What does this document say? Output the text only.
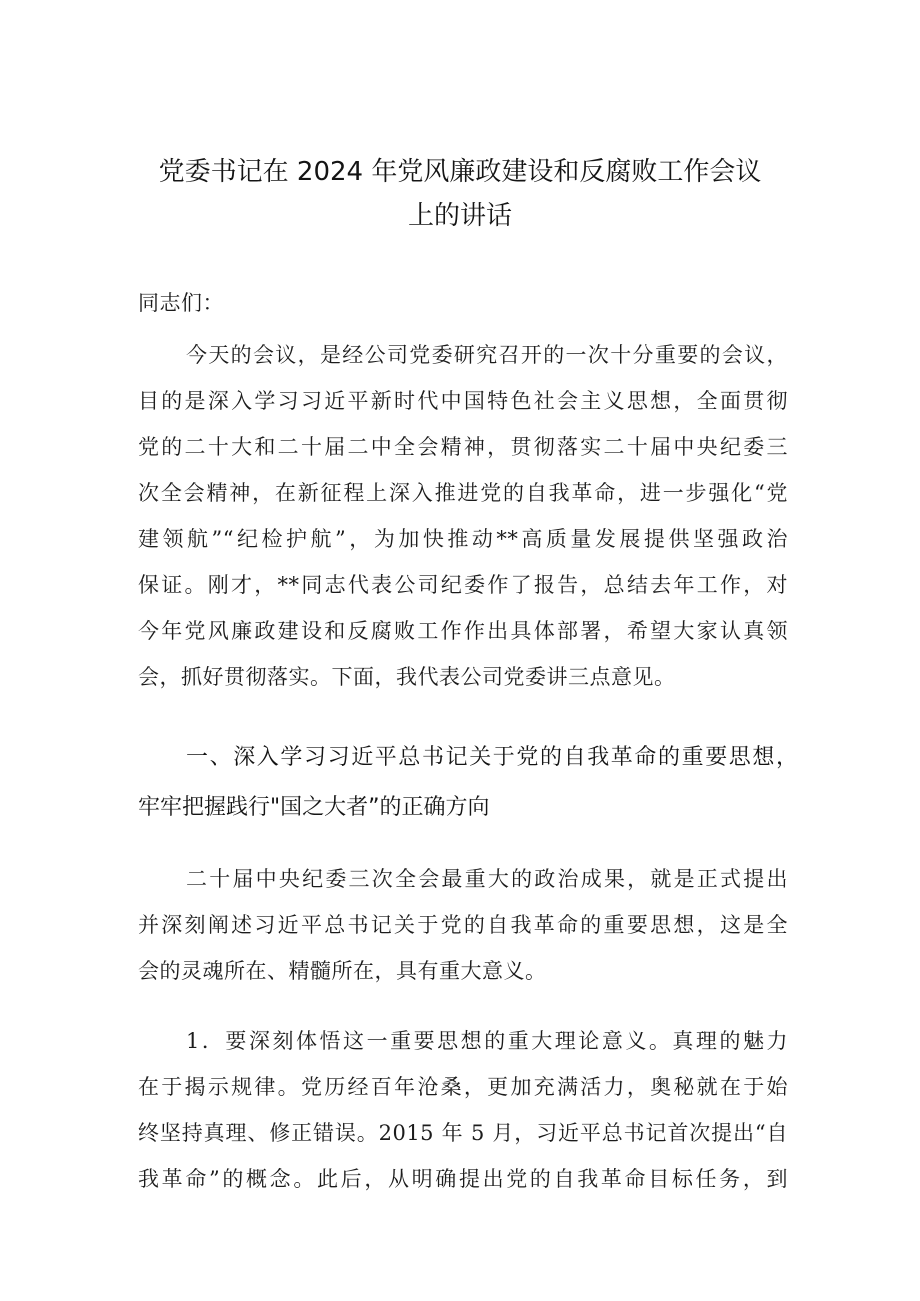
党委书记在 2024 年党风廉政建设和反腐败工作会议
上的讲话
同志们：
今天的会议，是经公司党委研究召开的一次十分重要的会议，
目的是深入学习习近平新时代中国特色社会主义思想，全面贯彻
党的二十大和二十届二中全会精神，贯彻落实二十届中央纪委三
次全会精神，在新征程上深入推进党的自我革命，进一步强化“党
建领航”“纪检护航”，为加快推动**高质量发展提供坚强政治
保证。刚才，**同志代表公司纪委作了报告，总结去年工作，对
今年党风廉政建设和反腐败工作作出具体部署，希望大家认真领
会，抓好贯彻落实。下面，我代表公司党委讲三点意见。
一、深入学习习近平总书记关于党的自我革命的重要思想，
牢牢把握践行"国之大者”的正确方向
二十届中央纪委三次全会最重大的政治成果，就是正式提出
并深刻阐述习近平总书记关于党的自我革命的重要思想，这是全
会的灵魂所在、精髓所在，具有重大意义。
1．要深刻体悟这一重要思想的重大理论意义。真理的魅力
在于揭示规律。党历经百年沧桑，更加充满活力，奥秘就在于始
终坚持真理、修正错误。2015 年 5 月，习近平总书记首次提出“自
我革命”的概念。此后，从明确提出党的自我革命目标任务，到
